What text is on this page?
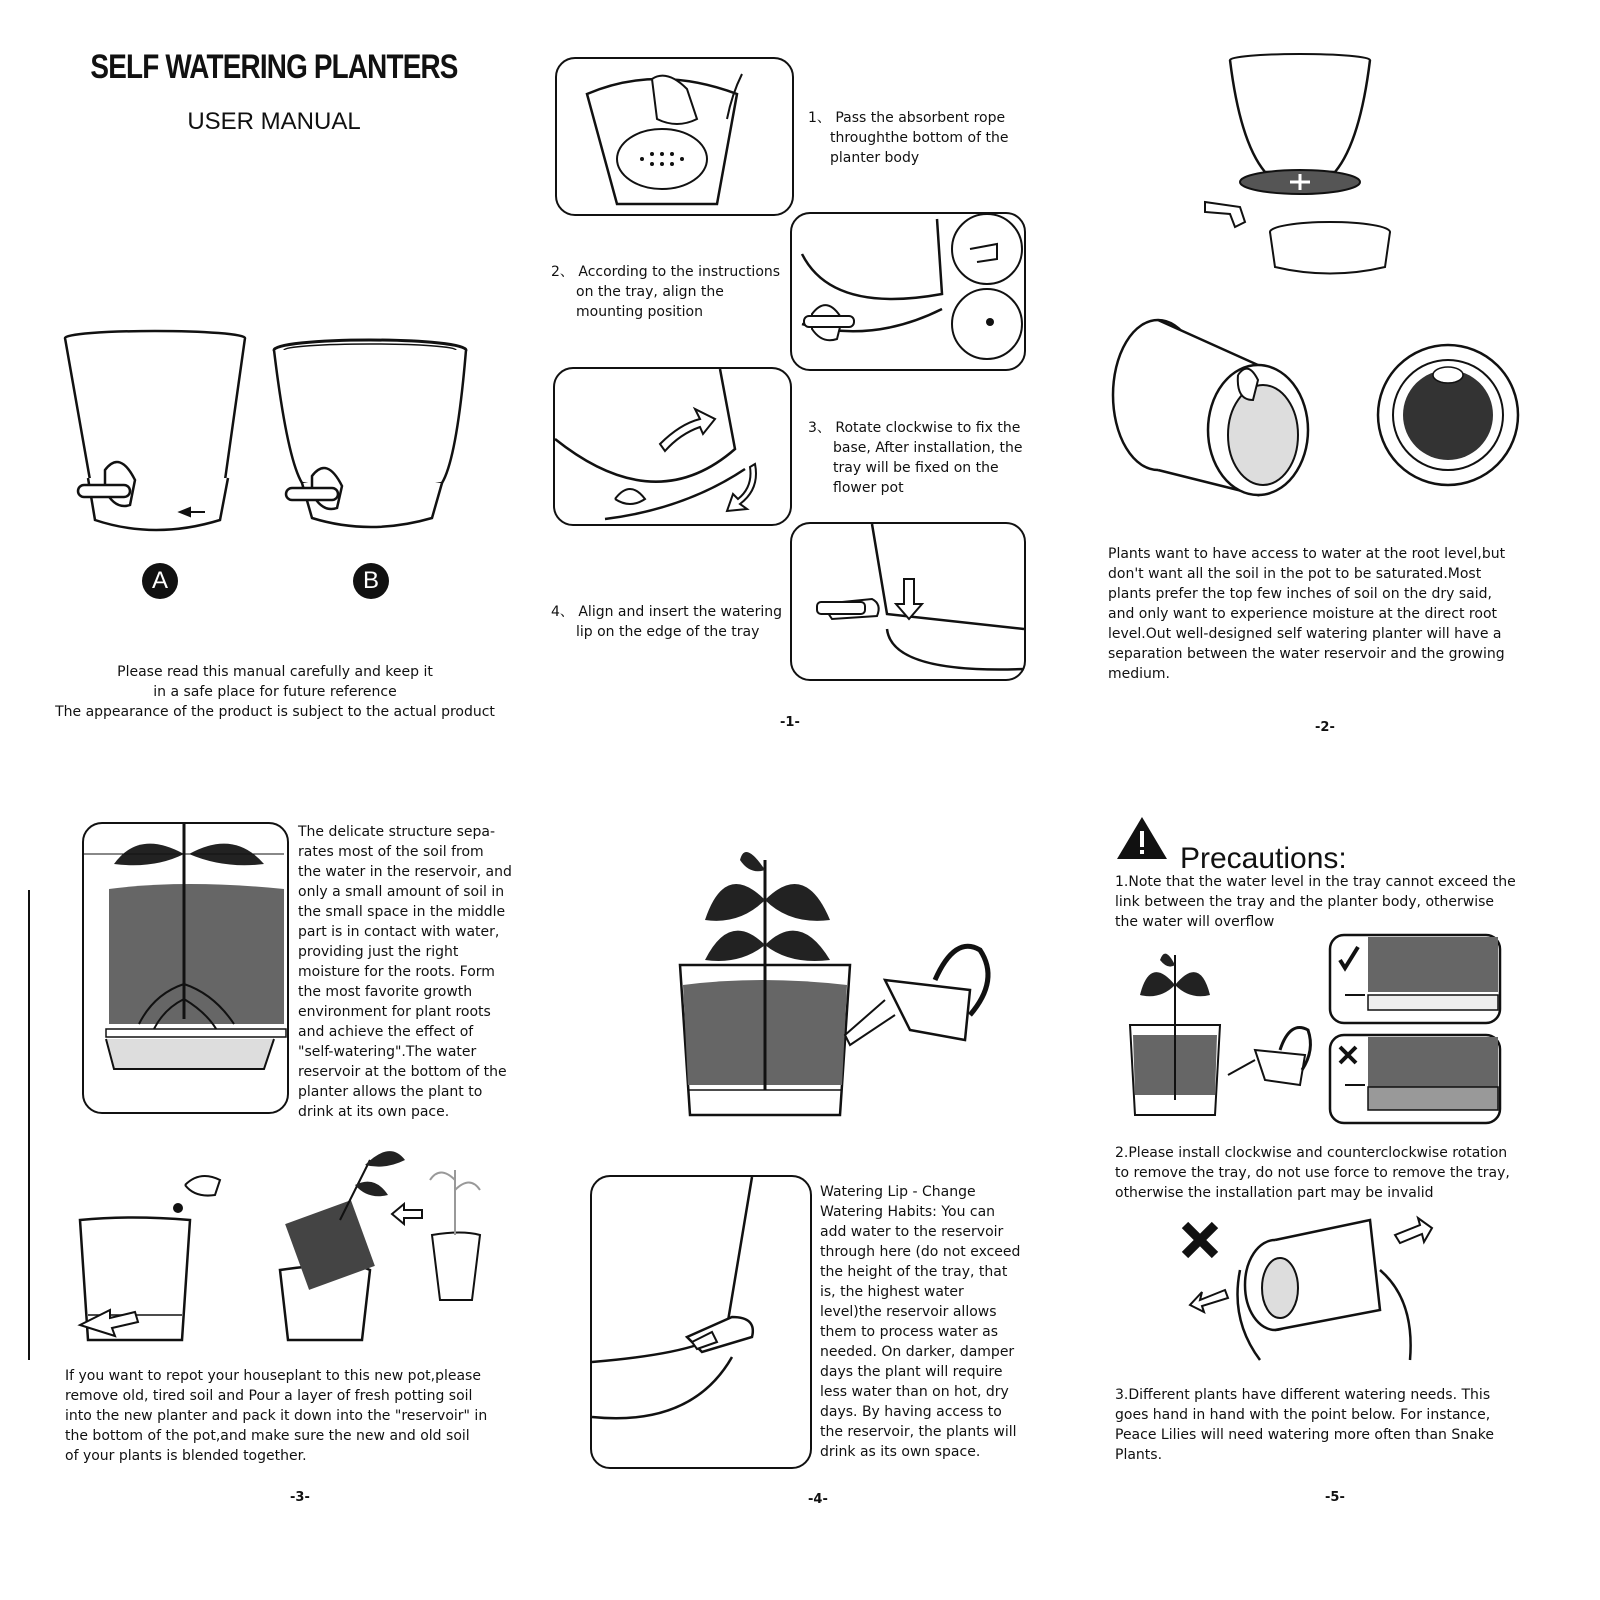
SELF WATERING PLANTERS
USER MANUAL
A	B
Please read this manual carefully and keep it
in a safe place for future reference
The appearance of the product is subject to the actual product
1、 Pass the absorbent rope
throughthe bottom of the
planter body
2、 According to the instructions
on the tray, align the
mounting position
3、 Rotate clockwise to fix the
base, After installation, the
tray will be fixed on the
flower pot
4、 Align and insert the watering
lip on the edge of the tray
-1-
Plants want to have access to water at the root level,but
don't want all the soil in the pot to be saturated.Most
plants prefer the top few inches of soil on the dry said,
and only want to experience moisture at the direct root
level.Out well-designed self watering planter will have a
separation between the water reservoir and the growing
medium.
-2-
The delicate structure sepa-
rates most of the soil from
the water in the reservoir, and
only a small amount of soil in
the small space in the middle
part is in contact with water,
providing just the right
moisture for the roots. Form
the most favorite growth
environment for plant roots
and achieve the effect of
"self-watering".The water
reservoir at the bottom of the
planter allows the plant to
drink at its own pace.
If you want to repot your houseplant to this new pot,please
remove old, tired soil and Pour a layer of fresh potting soil
into the new planter and pack it down into the "reservoir" in
the bottom of the pot,and make sure the new and old soil
of your plants is blended together.
-3-
Watering Lip - Change
Watering Habits: You can
add water to the reservoir
through here (do not exceed
the height of the tray, that
is, the highest water
level)the reservoir allows
them to process water as
needed. On darker, damper
days the plant will require
less water than on hot, dry
days. By having access to
the reservoir, the plants will
drink as its own space.
-4-
Precautions:
1.Note that the water level in the tray cannot exceed the
link between the tray and the planter body, otherwise
the water will overflow
2.Please install clockwise and counterclockwise rotation
to remove the tray, do not use force to remove the tray,
otherwise the installation part may be invalid
3.Different plants have different watering needs. This
goes hand in hand with the point below. For instance,
Peace Lilies will need watering more often than Snake
Plants.
-5-
